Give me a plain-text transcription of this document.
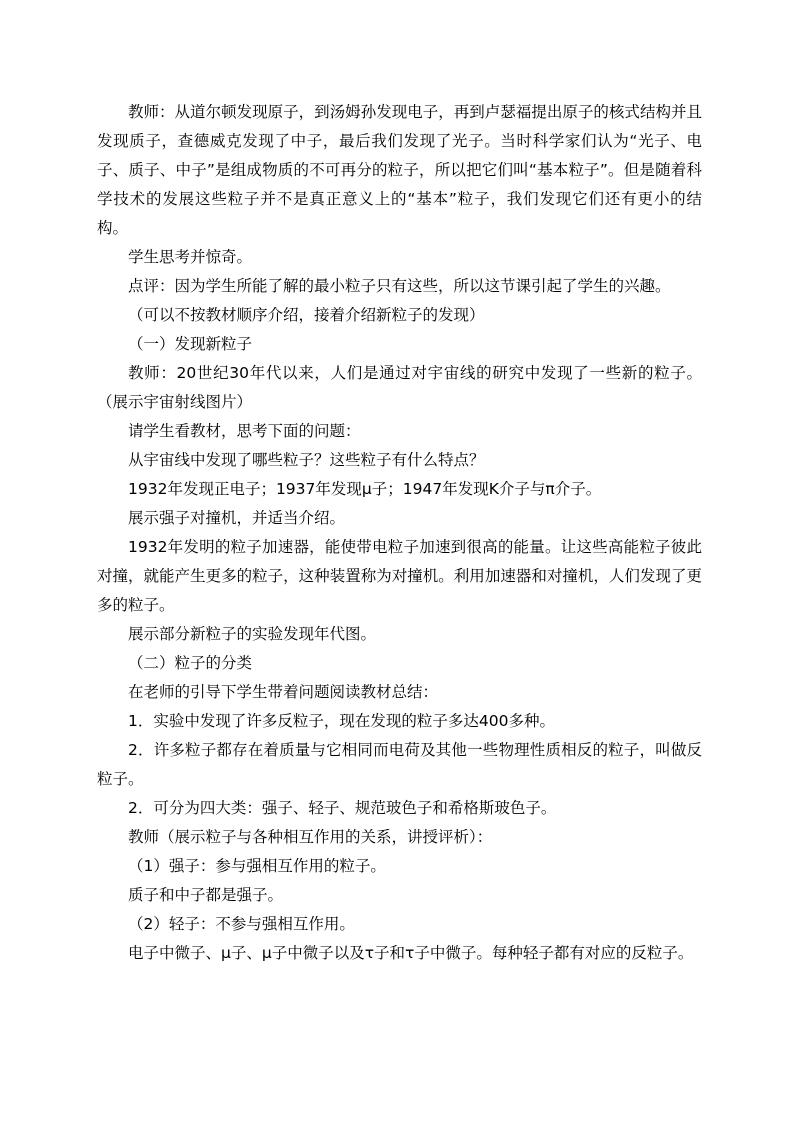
教师：从道尔顿发现原子，到汤姆孙发现电子，再到卢瑟福提出原子的核式结构并且发现质子，查德威克发现了中子，最后我们发现了光子。当时科学家们认为“光子、电子、质子、中子”是组成物质的不可再分的粒子，所以把它们叫“基本粒子”。但是随着科学技术的发展这些粒子并不是真正意义上的“基本”粒子，我们发现它们还有更小的结构。

学生思考并惊奇。

点评：因为学生所能了解的最小粒子只有这些，所以这节课引起了学生的兴趣。

（可以不按教材顺序介绍，接着介绍新粒子的发现）

（一）发现新粒子

教师：20世纪30年代以来，人们是通过对宇宙线的研究中发现了一些新的粒子。（展示宇宙射线图片）

请学生看教材，思考下面的问题：

从宇宙线中发现了哪些粒子？这些粒子有什么特点？

1932年发现正电子；1937年发现μ子；1947年发现K介子与π介子。

展示强子对撞机，并适当介绍。

1932年发明的粒子加速器，能使带电粒子加速到很高的能量。让这些高能粒子彼此对撞，就能产生更多的粒子，这种装置称为对撞机。利用加速器和对撞机，人们发现了更多的粒子。

展示部分新粒子的实验发现年代图。

（二）粒子的分类

在老师的引导下学生带着问题阅读教材总结：

1．实验中发现了许多反粒子，现在发现的粒子多达400多种。

2．许多粒子都存在着质量与它相同而电荷及其他一些物理性质相反的粒子，叫做反粒子。

2．可分为四大类：强子、轻子、规范玻色子和希格斯玻色子。

教师（展示粒子与各种相互作用的关系，讲授评析）：

（1）强子：参与强相互作用的粒子。

质子和中子都是强子。

（2）轻子：不参与强相互作用。

电子中微子、μ子、μ子中微子以及τ子和τ子中微子。每种轻子都有对应的反粒子。
